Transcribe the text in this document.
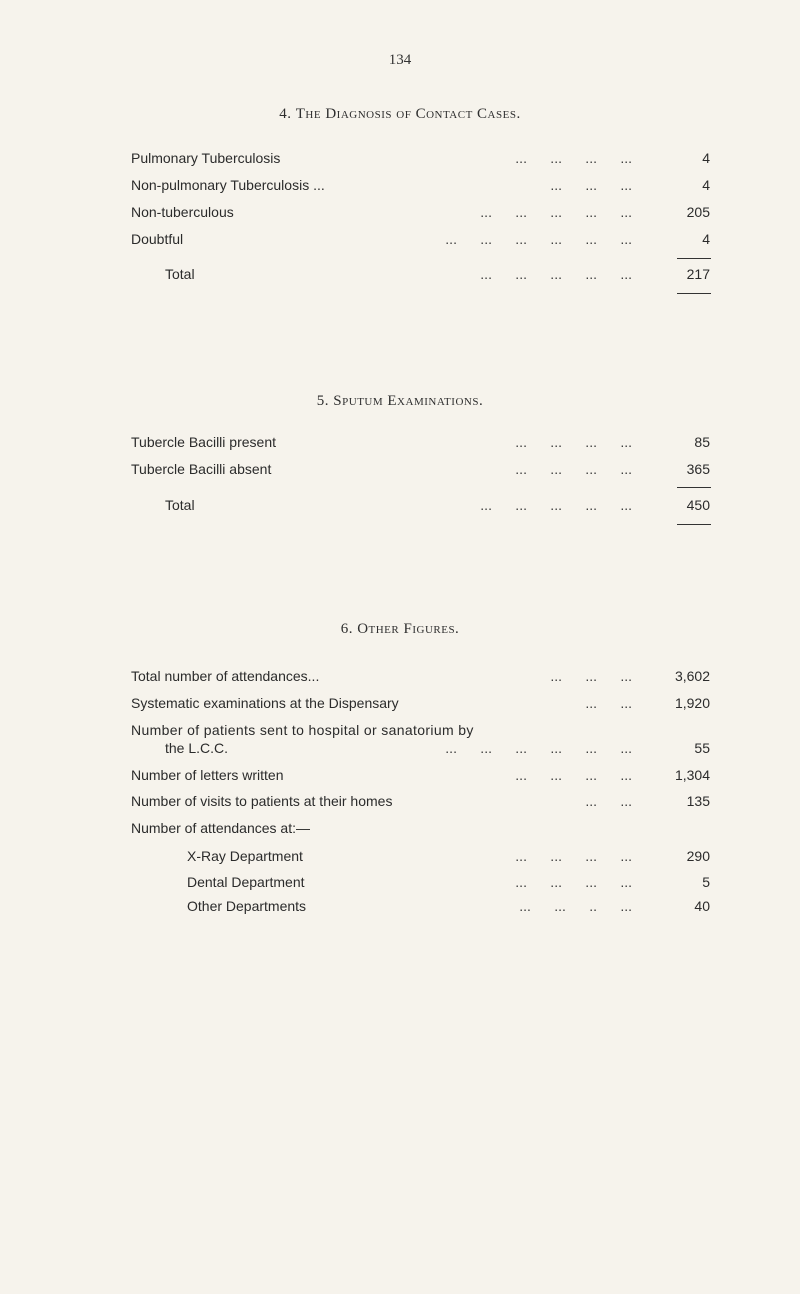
134
4. The Diagnosis of Contact Cases.
Pulmonary Tuberculosis	...      ...      ...      ...	4
Non-pulmonary Tuberculosis ...	...      ...      ...	4
Non-tuberculous	...      ...      ...      ...      ...	205
Doubtful	...      ...      ...      ...      ...      ...	4
Total	...      ...      ...      ...      ...	217
5. Sputum Examinations.
Tubercle Bacilli present	...      ...      ...      ...	85
Tubercle Bacilli absent	...      ...      ...      ...	365
Total	...      ...      ...      ...      ...	450
6. Other Figures.
Total number of attendances...	...      ...      ...	3,602
Systematic examinations at the Dispensary	...      ...	1,920
Number of patients sent to hospital or sanatorium by
the L.C.C.	...      ...      ...      ...      ...      ...	55
Number of letters written	...      ...      ...      ...	1,304
Number of visits to patients at their homes	...      ...	135
Number of attendances at:—
X-Ray Department	...      ...      ...      ...	290
Dental Department	...      ...      ...      ...	5
Other Departments	...      ...      ..      ...	40
